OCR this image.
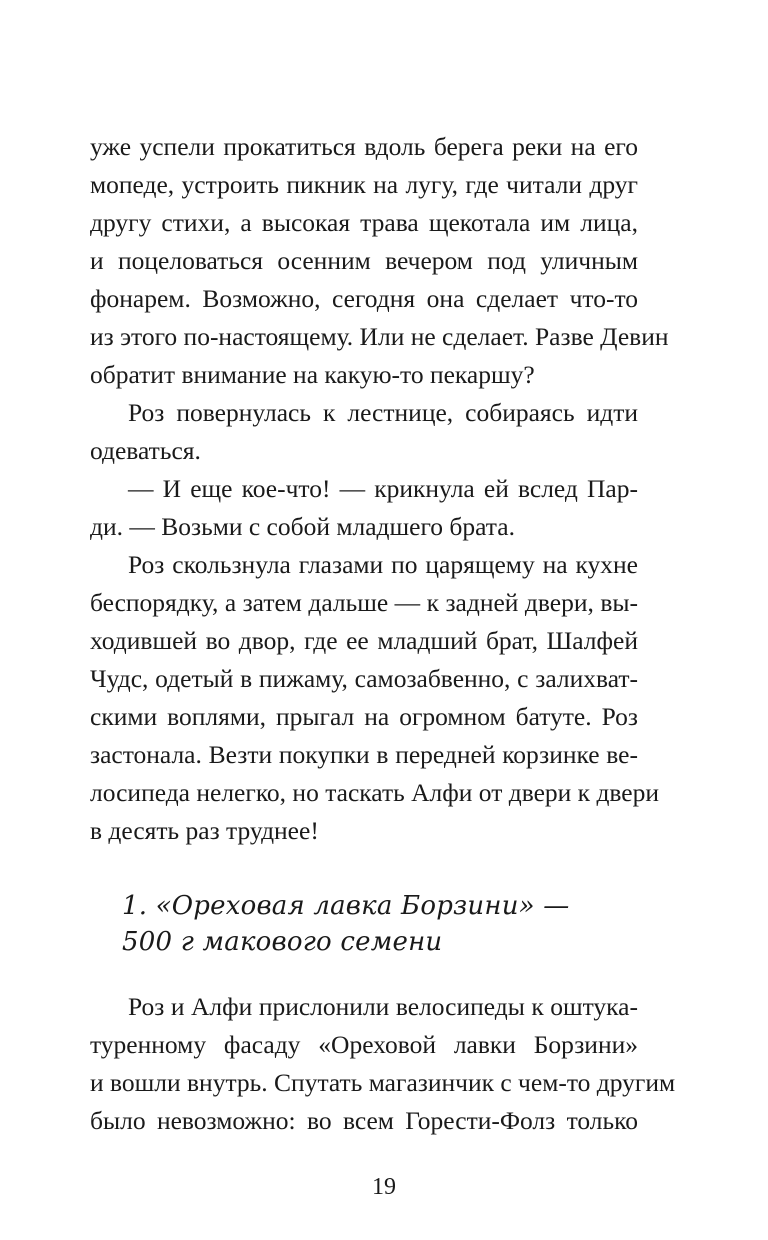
уже успели прокатиться вдоль берега реки на его
мопеде, устроить пикник на лугу, где читали друг
другу стихи, а высокая трава щекотала им лица,
и поцеловаться осенним вечером под уличным
фонарем. Возможно, сегодня она сделает что-то
из этого по-настоящему. Или не сделает. Разве Девин
обратит внимание на какую-то пекаршу?
Роз повернулась к лестнице, собираясь идти
одеваться.
— И еще кое-что! — крикнула ей вслед Пар-
ди. — Возьми с собой младшего брата.
Роз скользнула глазами по царящему на кухне
беспорядку, а затем дальше — к задней двери, вы-
ходившей во двор, где ее младший брат, Шалфей
Чудс, одетый в пижаму, самозабвенно, с залихват-
скими воплями, прыгал на огромном батуте. Роз
застонала. Везти покупки в передней корзинке ве-
лосипеда нелегко, но таскать Алфи от двери к двери
в десять раз труднее!
1. «Ореховая лавка Борзини» —
500 г макового семени
Роз и Алфи прислонили велосипеды к оштука-
туренному фасаду «Ореховой лавки Борзини»
и вошли внутрь. Спутать магазинчик с чем-то другим
было невозможно: во всем Горести-Фолз только
19
